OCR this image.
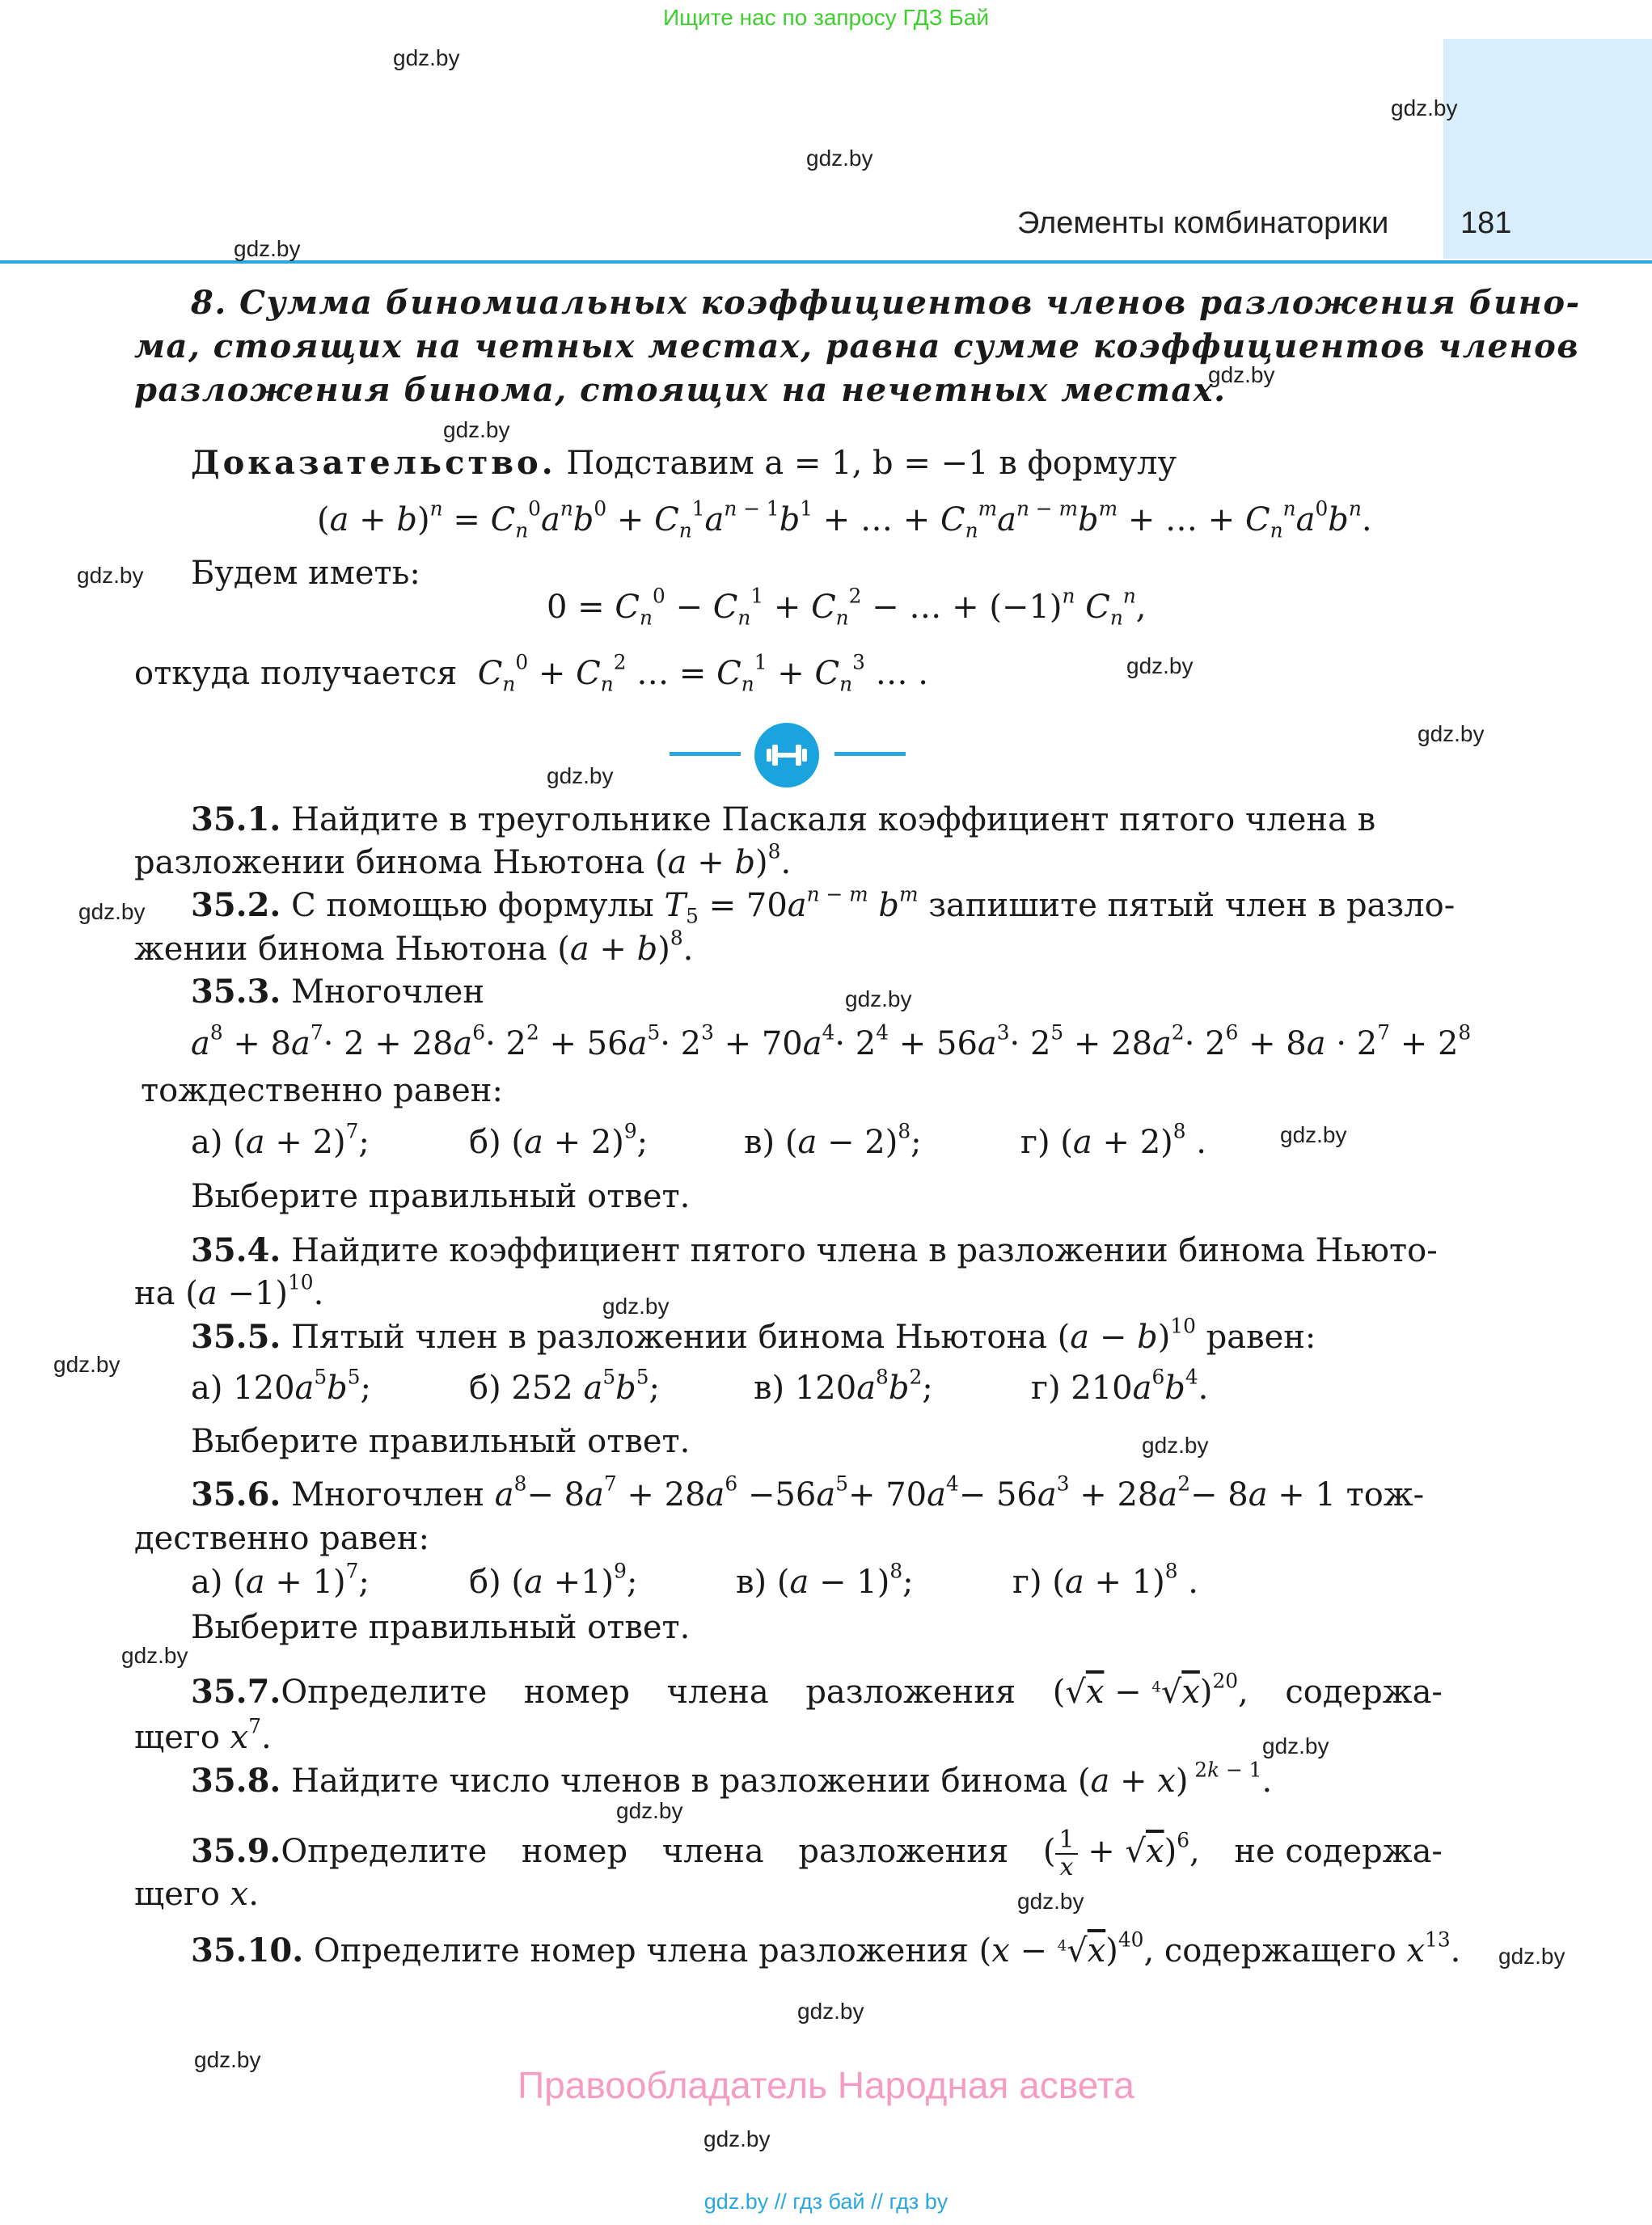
Ищите нас по запросу ГДЗ Бай
Элементы комбинаторики 181
gdz.by
gdz.by
gdz.by
gdz.by
gdz.by
gdz.by
gdz.by
gdz.by
gdz.by
gdz.by
gdz.by
gdz.by
gdz.by
gdz.by
gdz.by
gdz.by
gdz.by
gdz.by
gdz.by
gdz.by
gdz.by
gdz.by
gdz.by
gdz.by
8. Сумма биномиальных коэффициентов членов разложения бино-
ма, стоящих на четных местах, равна сумме коэффициентов членов
разложения бинома, стоящих на нечетных местах.
Доказательство. Подставим a = 1, b = −1 в формулу
$(a + b)^n = C_n^0a^nb^0 + C_n^1a^{n - 1}b^1$ + … + $C_n^ma^{n - m}b^m$ + … + $C_n^na^0b^n$.
Будем иметь:
$0 = C_n^0 - C_n^1 + C_n^2$ − … + $(-1)^n$ $C_n^n$,
откуда получается $C_n^0 + C_n^2$ … = $C_n^1 + C_n^3$ … .
35.1. Найдите в треугольнике Паскаля коэффициент пятого члена в
разложении бинома Ньютона $(a + b)^8$.
35.2. С помощью формулы $T_5 = 70a^{n - m}$ $b^m$ запишите пятый член в разло-
жении бинома Ньютона $(a + b)^8$.
35.3. Многочлен
$a^8 + 8a^7\cdot 2 + 28a^6\cdot 2^2 + 56a^5\cdot 2^3 + 70a^4\cdot 2^4 + 56a^3\cdot 2^5 + 28a^2\cdot 2^6 + 8a \cdot 2^7 + 2^8$
тождественно равен:
а) $(a + 2)^7$;	б) $(a + 2)^9$;	в) $(a - 2)^8$;	г) $(a + 2)^8$ .
Выберите правильный ответ.
35.4. Найдите коэффициент пятого члена в разложении бинома Ньюто-
на $(a -1)^{10}$.
35.5. Пятый член в разложении бинома Ньютона $(a - b)^{10}$ равен:
а) $120a^5b^5$;	б) 252 $a^5b^5$;	в) $120a^8b^2$;	г) $210a^6b^4$.
Выберите правильный ответ.
35.6. Многочлен $a^8- 8a^7 + 28a^6 -56a^5+ 70a^4- 56a^3 + 28a^2- 8a + 1$ тож-
дественно равен:
а) $(a + 1)^7$;	б) $(a +1)^9$;	в) $(a - 1)^8$;	г) $(a + 1)^8$ .
Выберите правильный ответ.
35.7.Определите номер члена разложения $(√x - ^4√x)^{20}$, содержа-
щего $x^7$.
35.8. Найдите число членов в разложении бинома (a + x) $^{2k - 1}$.
35.9.Определите номер члена разложения ( $\frac{1}{x} + √x)^6$, не содержа-
щего x.
35.10. Определите номер члена разложения $(x - ^4√x)^{40}$, содержащего $x^{13}$.
Правообладатель Народная асвета
gdz.by // гдз бай // гдз by
